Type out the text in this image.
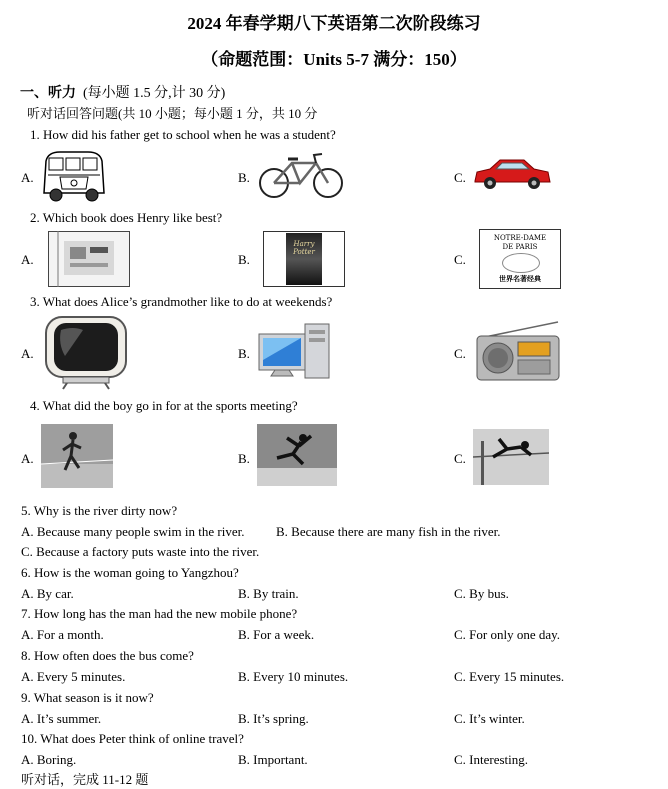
2024 年春学期八下英语第二次阶段练习
（命题范围：Units 5-7 满分：150）
一、听力 (每小题 1.5 分,计 30 分)
听对话回答问题(共 10 小题；每小题 1 分，共 10 分
1. How did his father get to school when he was a student?
A.	B.	C.
2. Which book does Henry like best?
A.	B.
Harry Potter	C.
NOTRE-DAME
DE PARIS
世界名著经典
3. What does Alice’s grandmother like to do at weekends?
A.	B.	C.
4. What did the boy go in for at the sports meeting?
A.	B.	C.
5. Why is the river dirty now?
A. Because many people swim in the river. B. Because there are many fish in the river.
C. Because a factory puts waste into the river.
6. How is the woman going to Yangzhou?
A. By car.	B. By train.	C. By bus.
7. How long has the man had the new mobile phone?
A. For a month.	B. For a week.	C. For only one day.
8. How often does the bus come?
A. Every 5 minutes.	B. Every 10 minutes.	C. Every 15 minutes.
9. What season is it now?
A. It’s summer.	B. It’s spring.	C. It’s winter.
10. What does Peter think of online travel?
A. Boring.	B. Important.	C. Interesting.
听对话，完成 11-12 题
